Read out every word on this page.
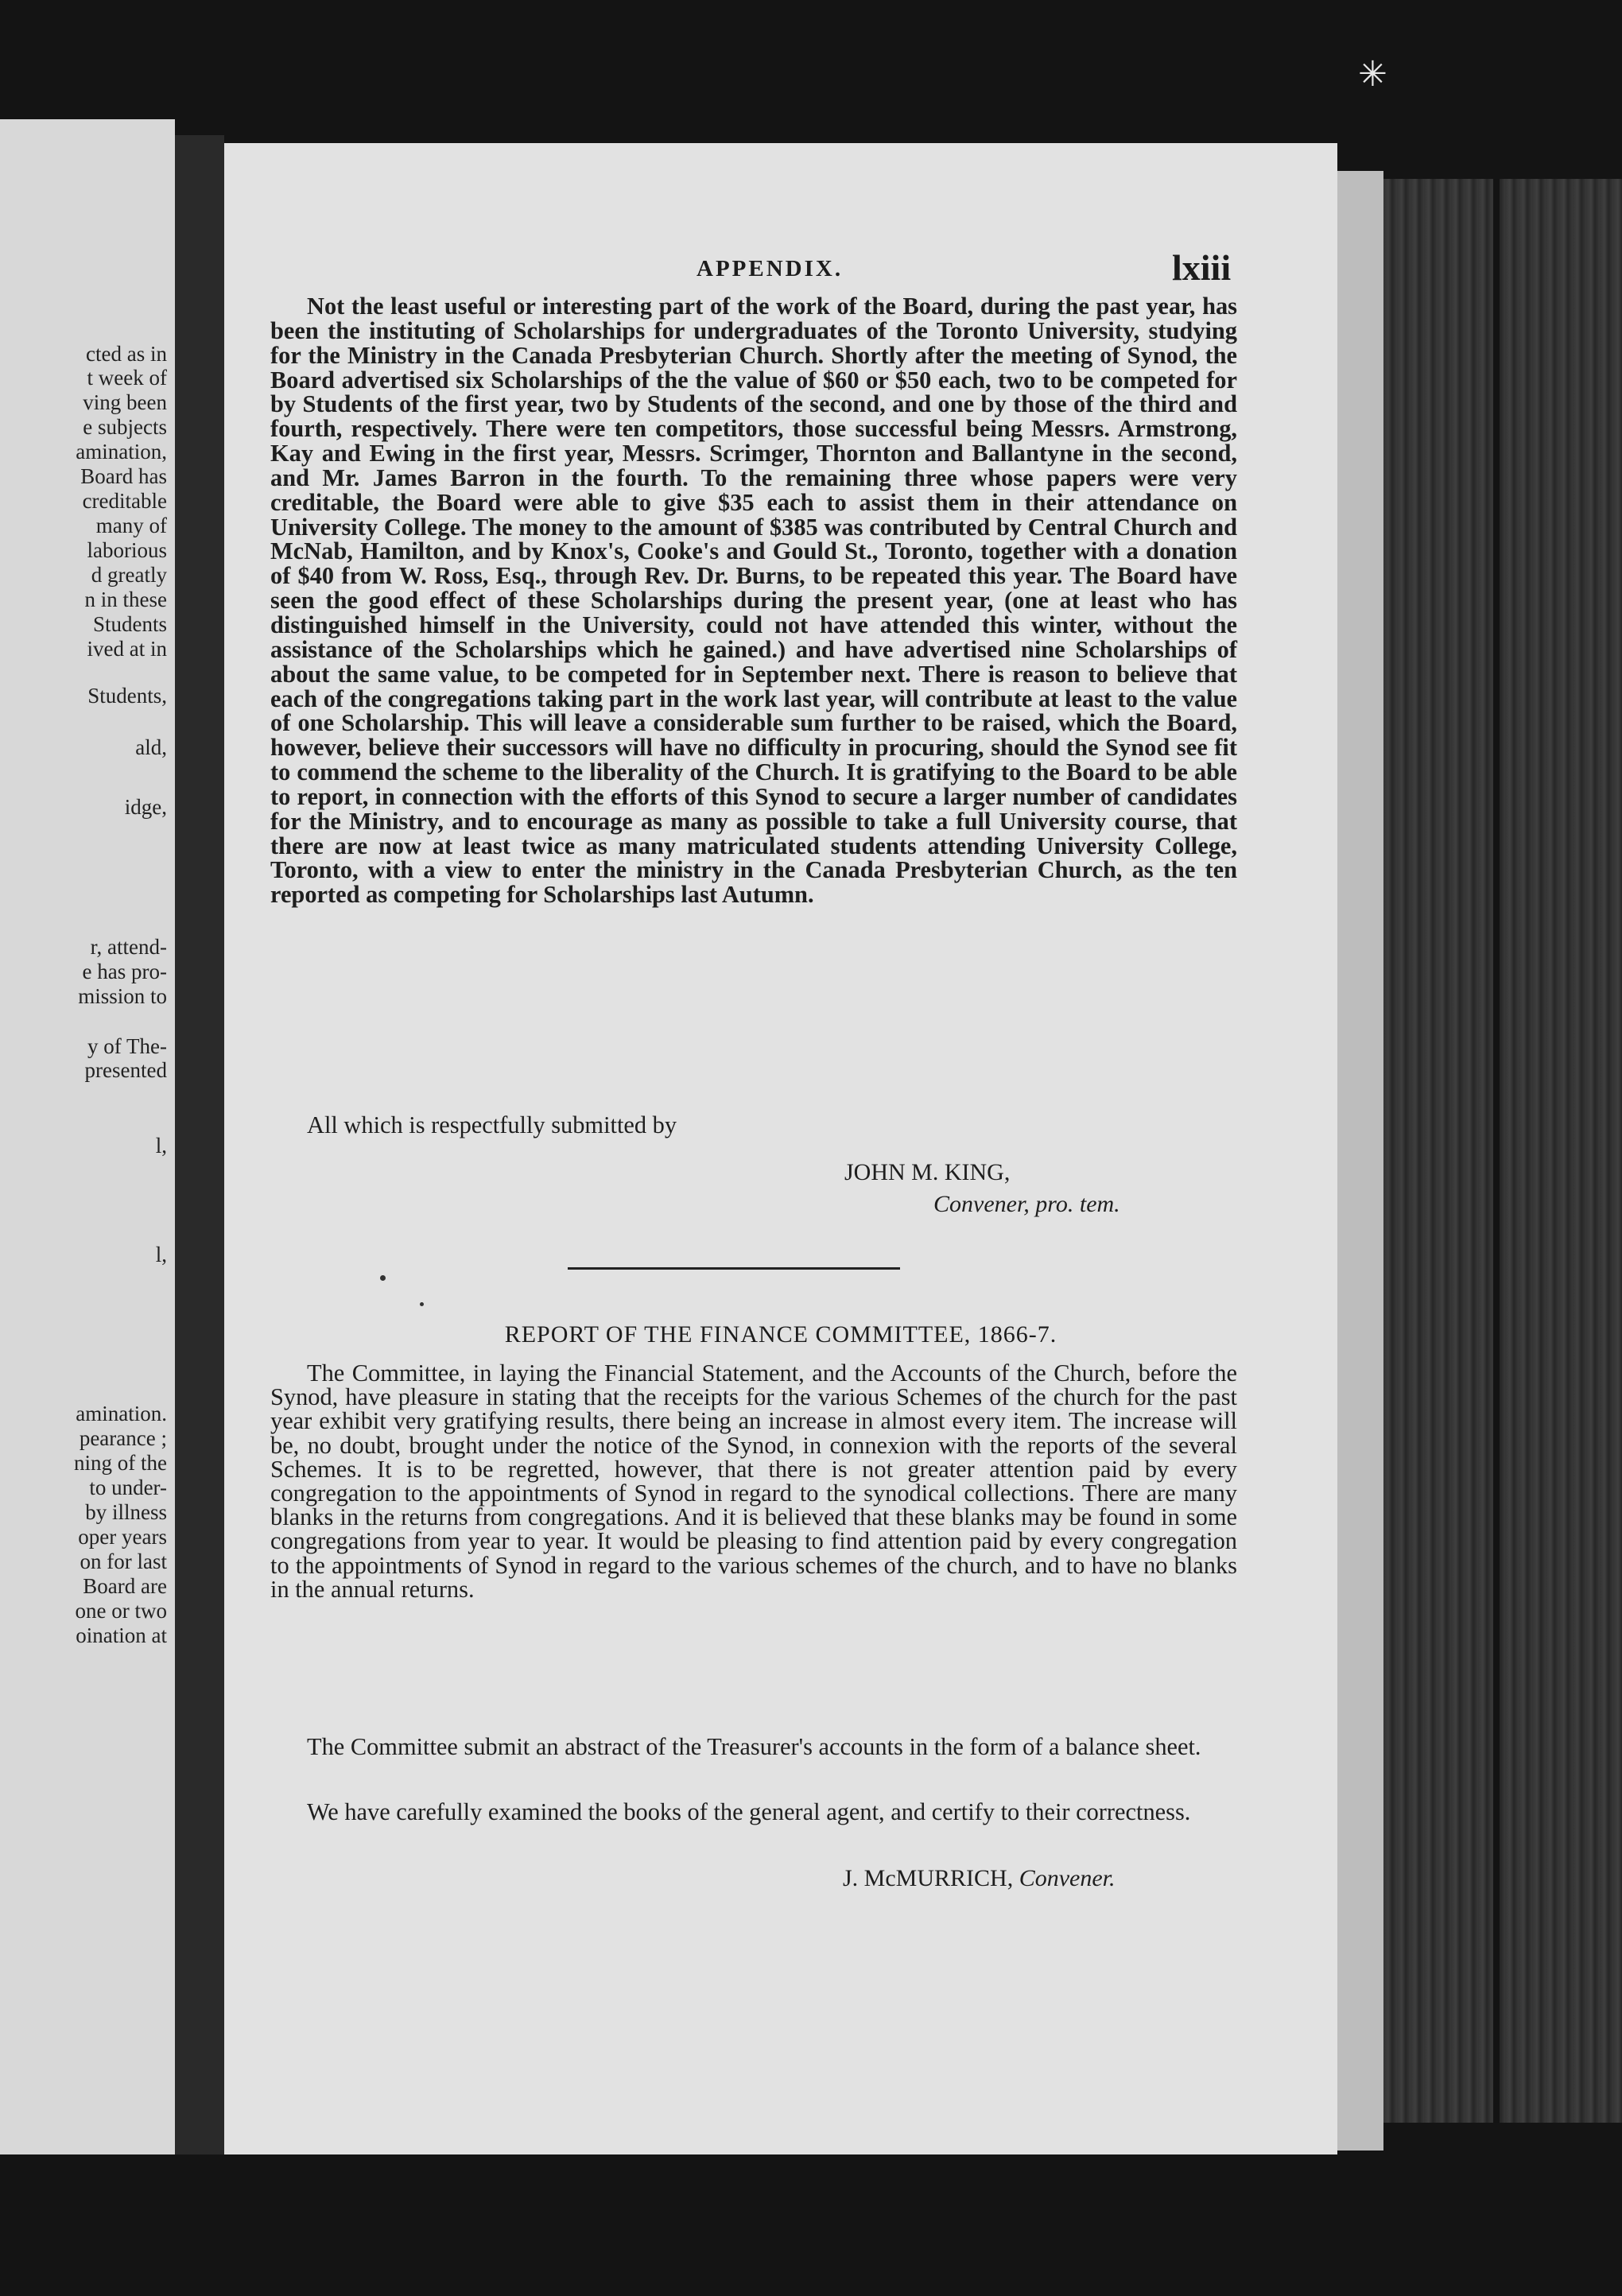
cted as in
t week of
ving been
e subjects
amination,
Board has
creditable
many of
laborious
d greatly
n in these
Students
ived at in
Students,
ald,
idge,
r, attend-
e has pro-
mission to
y of The-
presented
l,
l,
amination.
pearance ;
ning of the
to under-
by illness
oper years
on for last
Board are
one or two
oination at
APPENDIX.	lxiii

Not the least useful or interesting part of the work of the Board, during the past year, has been the instituting of Scholarships for undergraduates of the Toronto University, studying for the Ministry in the Canada Presbyterian Church. Shortly after the meeting of Synod, the Board advertised six Scholarships of the the value of $60 or $50 each, two to be competed for by Students of the first year, two by Students of the second, and one by those of the third and fourth, respectively. There were ten competitors, those successful being Messrs. Armstrong, Kay and Ewing in the first year, Messrs. Scrimger, Thornton and Ballantyne in the second, and Mr. James Barron in the fourth. To the remaining three whose papers were very creditable, the Board were able to give $35 each to assist them in their attendance on University College. The money to the amount of $385 was contributed by Central Church and McNab, Hamilton, and by Knox's, Cooke's and Gould St., Toronto, together with a donation of $40 from W. Ross, Esq., through Rev. Dr. Burns, to be repeated this year. The Board have seen the good effect of these Scholarships during the present year, (one at least who has distinguished himself in the University, could not have attended this winter, without the assistance of the Scholarships which he gained.) and have advertised nine Scholarships of about the same value, to be competed for in September next. There is reason to believe that each of the congregations taking part in the work last year, will contribute at least to the value of one Scholarship. This will leave a considerable sum further to be raised, which the Board, however, believe their successors will have no difficulty in procuring, should the Synod see fit to commend the scheme to the liberality of the Church. It is gratifying to the Board to be able to report, in connection with the efforts of this Synod to secure a larger number of candidates for the Ministry, and to encourage as many as possible to take a full University course, that there are now at least twice as many matriculated students attending University College, Toronto, with a view to enter the ministry in the Canada Presbyterian Church, as the ten reported as competing for Scholarships last Autumn.

All which is respectfully submitted by

JOHN M. KING,
Convener, pro. tem.
REPORT OF THE FINANCE COMMITTEE, 1866-7.

The Committee, in laying the Financial Statement, and the Accounts of the Church, before the Synod, have pleasure in stating that the receipts for the various Schemes of the church for the past year exhibit very gratifying results, there being an increase in almost every item. The increase will be, no doubt, brought under the notice of the Synod, in connexion with the reports of the several Schemes. It is to be regretted, however, that there is not greater attention paid by every congregation to the appointments of Synod in regard to the synodical collections. There are many blanks in the returns from congregations. And it is believed that these blanks may be found in some congregations from year to year. It would be pleasing to find attention paid by every congregation to the appointments of Synod in regard to the various schemes of the church, and to have no blanks in the annual returns.

The Committee submit an abstract of the Treasurer's accounts in the form of a balance sheet.

We have carefully examined the books of the general agent, and certify to their correctness.

J. McMURRICH, Convener.
✳
